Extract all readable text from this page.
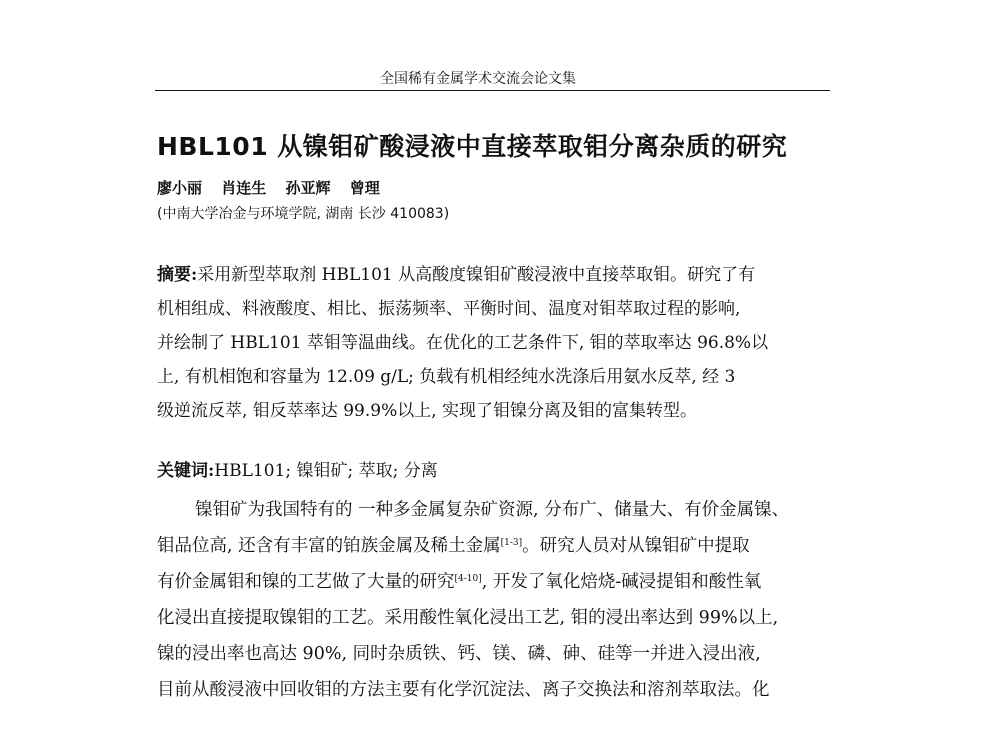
全国稀有金属学术交流会论文集
HBL101 从镍钼矿酸浸液中直接萃取钼分离杂质的研究
廖小丽 肖连生 孙亚辉 曾理
(中南大学冶金与环境学院, 湖南 长沙 410083)
摘要:采用新型萃取剂 HBL101 从高酸度镍钼矿酸浸液中直接萃取钼。研究了有
机相组成、料液酸度、相比、振荡频率、平衡时间、温度对钼萃取过程的影响,
并绘制了 HBL101 萃钼等温曲线。在优化的工艺条件下, 钼的萃取率达 96.8%以
上, 有机相饱和容量为 12.09 g/L; 负载有机相经纯水洗涤后用氨水反萃, 经 3
级逆流反萃, 钼反萃率达 99.9%以上, 实现了钼镍分离及钼的富集转型。
关键词:HBL101; 镍钼矿; 萃取; 分离
镍钼矿为我国特有的 一种多金属复杂矿资源, 分布广、储量大、有价金属镍、
钼品位高, 还含有丰富的铂族金属及稀土金属[1-3]。研究人员对从镍钼矿中提取
有价金属钼和镍的工艺做了大量的研究[4-10], 开发了氧化焙烧-碱浸提钼和酸性氧
化浸出直接提取镍钼的工艺。采用酸性氧化浸出工艺, 钼的浸出率达到 99%以上,
镍的浸出率也高达 90%, 同时杂质铁、钙、镁、磷、砷、硅等一并进入浸出液,
目前从酸浸液中回收钼的方法主要有化学沉淀法、离子交换法和溶剂萃取法。化
